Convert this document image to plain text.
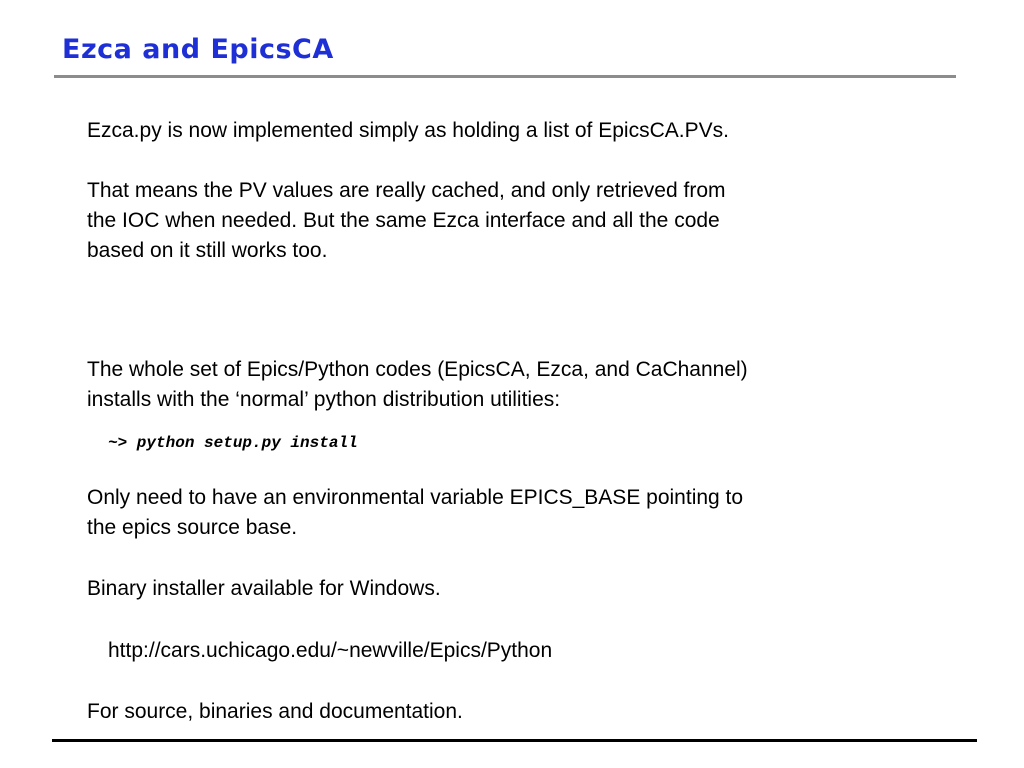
Ezca and EpicsCA

Ezca.py is now implemented simply as holding a list of EpicsCA.PVs.

That means the PV values are really cached, and only retrieved from
the IOC when needed. But the same Ezca interface and all the code
based on it still works too.

The whole set of Epics/Python codes (EpicsCA, Ezca, and CaChannel)
installs with the ‘normal’ python distribution utilities:

~> python setup.py install

Only need to have an environmental variable EPICS_BASE pointing to
the epics source base.

Binary installer available for Windows.

http://cars.uchicago.edu/~newville/Epics/Python

For source, binaries and documentation.
